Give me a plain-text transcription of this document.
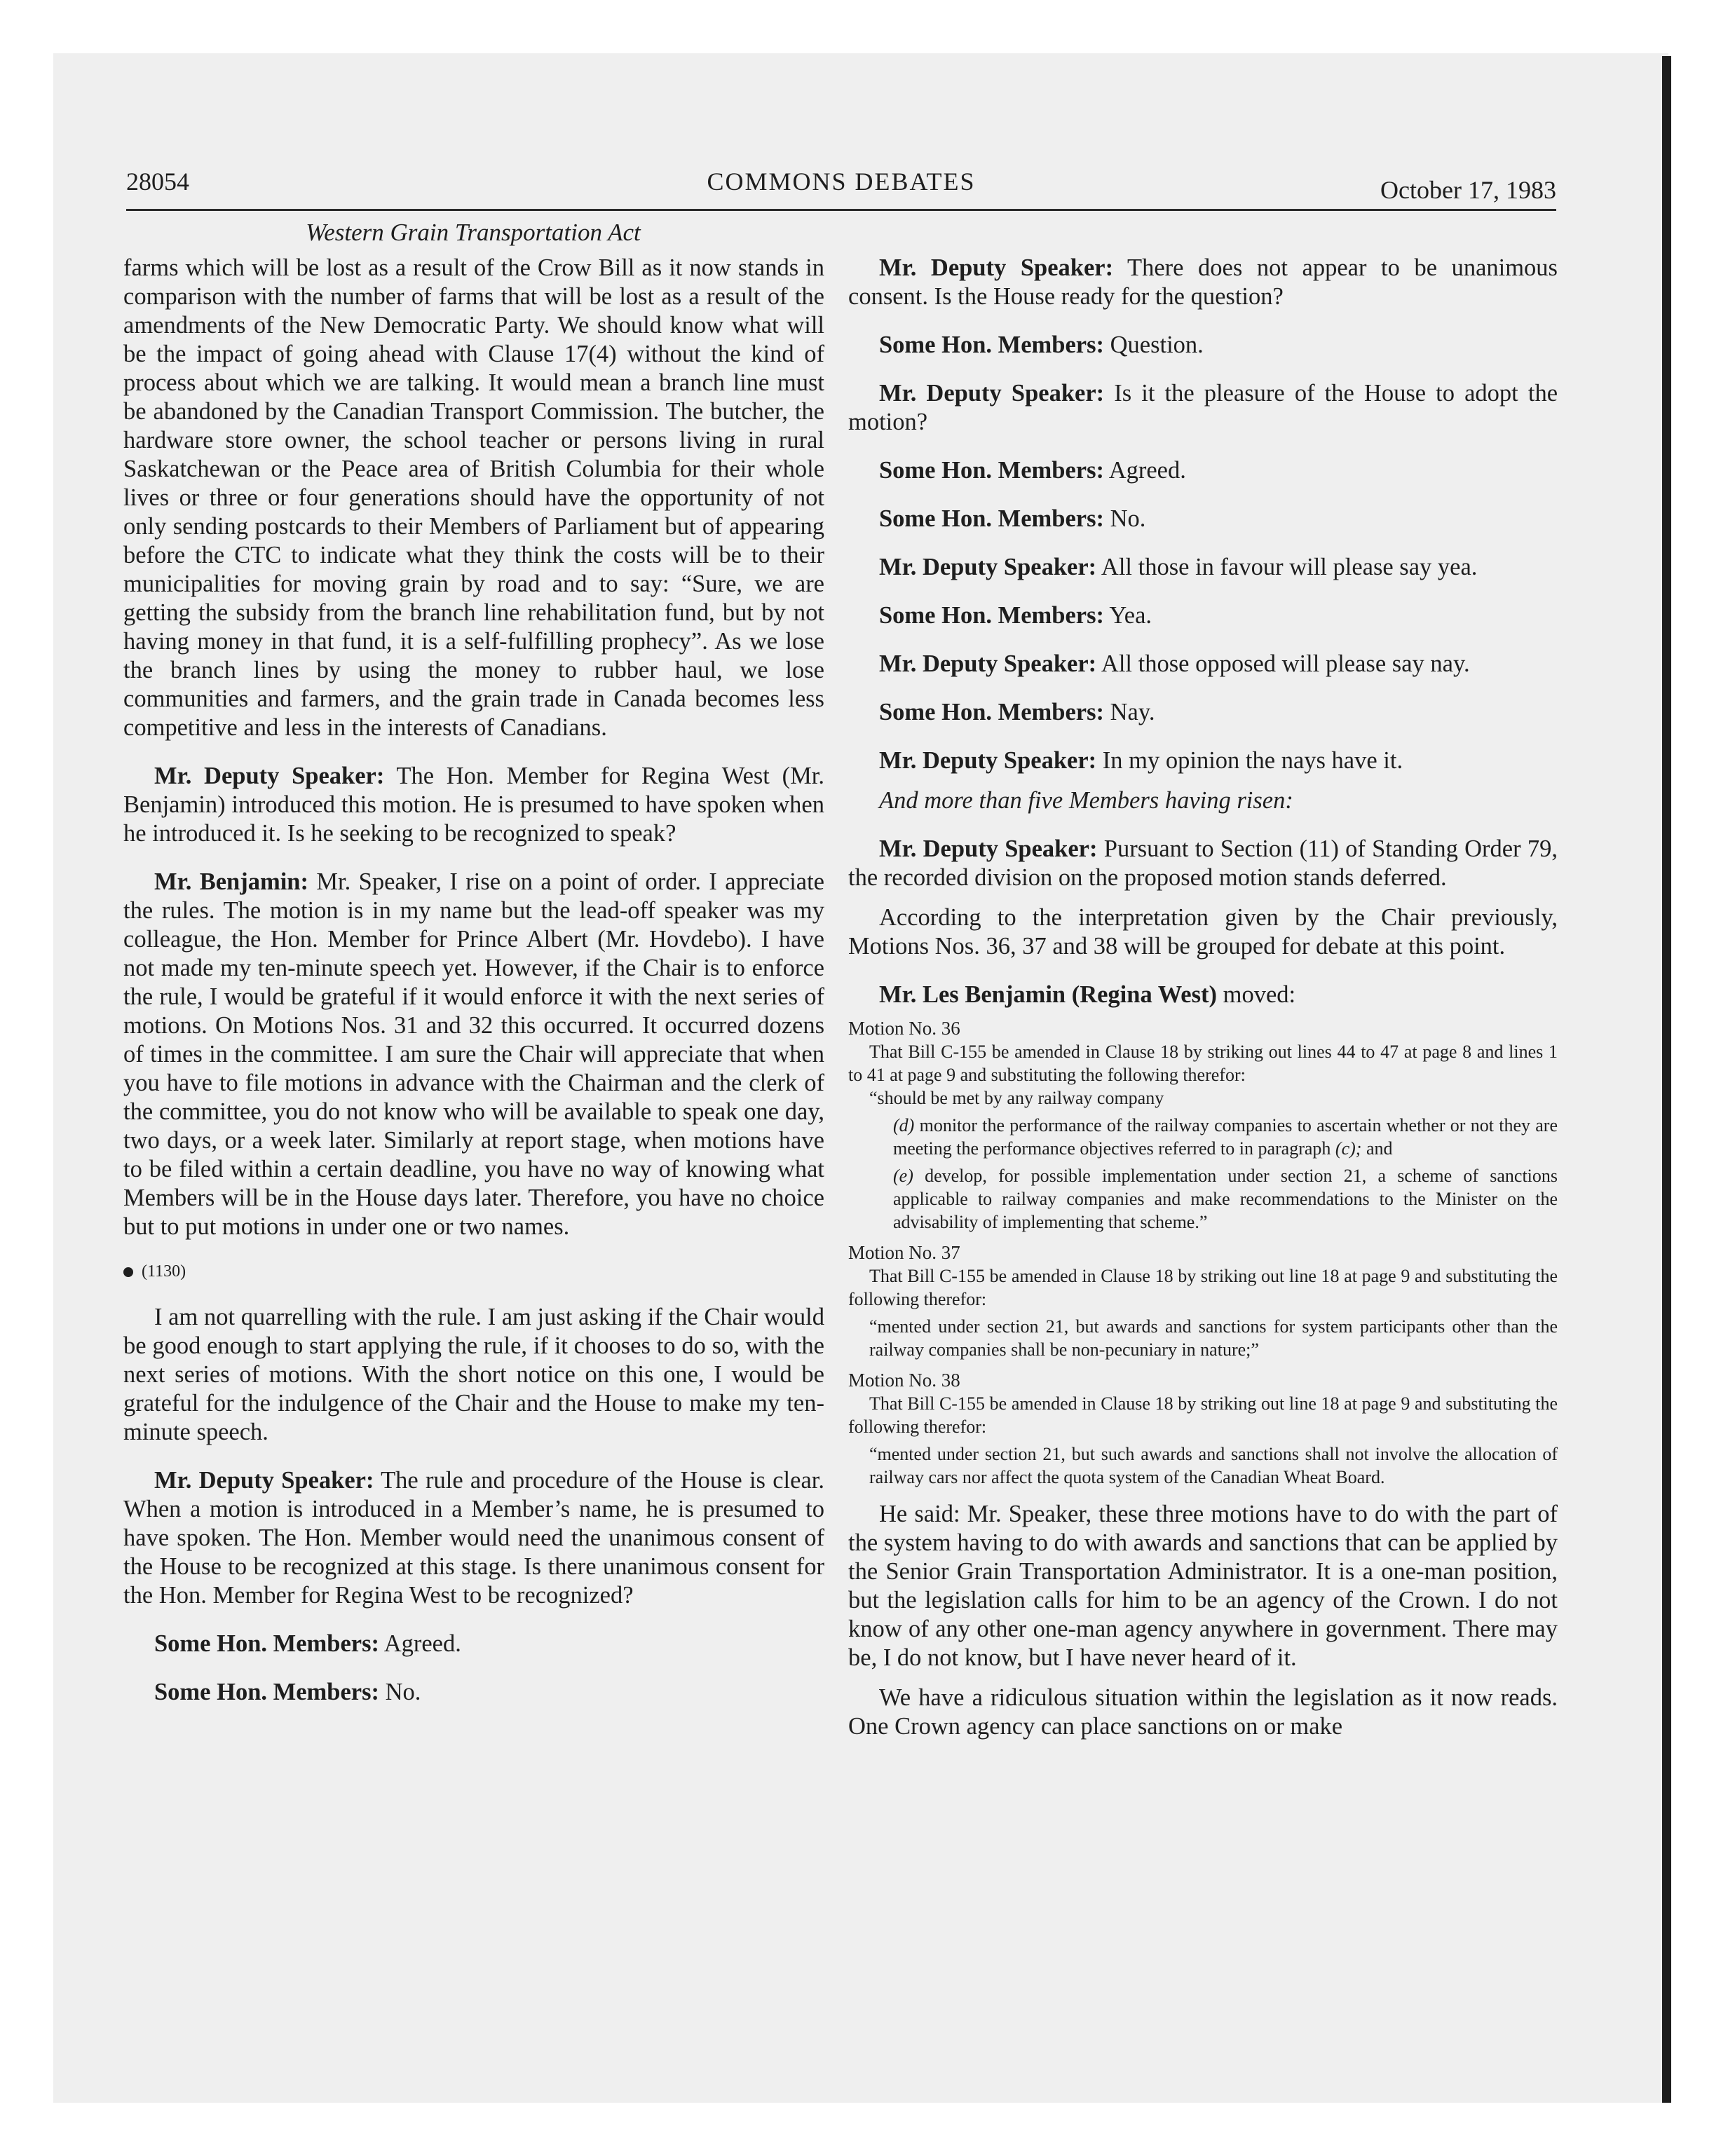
28054	COMMONS DEBATES	October 17, 1983
Western Grain Transportation Act

farms which will be lost as a result of the Crow Bill as it now stands in comparison with the number of farms that will be lost as a result of the amendments of the New Democratic Party. We should know what will be the impact of going ahead with Clause 17(4) without the kind of process about which we are talking. It would mean a branch line must be abandoned by the Canadian Transport Commission. The butcher, the hardware store owner, the school teacher or persons living in rural Saskatchewan or the Peace area of British Columbia for their whole lives or three or four generations should have the opportunity of not only sending postcards to their Members of Parliament but of appearing before the CTC to indicate what they think the costs will be to their municipalities for moving grain by road and to say: “Sure, we are getting the subsidy from the branch line rehabilitation fund, but by not having money in that fund, it is a self-fulfilling prophecy”. As we lose the branch lines by using the money to rubber haul, we lose communities and farmers, and the grain trade in Canada becomes less competitive and less in the interests of Canadians.

Mr. Deputy Speaker: The Hon. Member for Regina West (Mr. Benjamin) introduced this motion. He is presumed to have spoken when he introduced it. Is he seeking to be recognized to speak?

Mr. Benjamin: Mr. Speaker, I rise on a point of order. I appreciate the rules. The motion is in my name but the lead-off speaker was my colleague, the Hon. Member for Prince Albert (Mr. Hovdebo). I have not made my ten-minute speech yet. However, if the Chair is to enforce the rule, I would be grateful if it would enforce it with the next series of motions. On Motions Nos. 31 and 32 this occurred. It occurred dozens of times in the committee. I am sure the Chair will appreciate that when you have to file motions in advance with the Chairman and the clerk of the committee, you do not know who will be available to speak one day, two days, or a week later. Similarly at report stage, when motions have to be filed within a certain deadline, you have no way of knowing what Members will be in the House days later. Therefore, you have no choice but to put motions in under one or two names.

(1130)

I am not quarrelling with the rule. I am just asking if the Chair would be good enough to start applying the rule, if it chooses to do so, with the next series of motions. With the short notice on this one, I would be grateful for the indulgence of the Chair and the House to make my ten-minute speech.

Mr. Deputy Speaker: The rule and procedure of the House is clear. When a motion is introduced in a Member’s name, he is presumed to have spoken. The Hon. Member would need the unanimous consent of the House to be recognized at this stage. Is there unanimous consent for the Hon. Member for Regina West to be recognized?

Some Hon. Members: Agreed.

Some Hon. Members: No.

Mr. Deputy Speaker: There does not appear to be unanimous consent. Is the House ready for the question?

Some Hon. Members: Question.

Mr. Deputy Speaker: Is it the pleasure of the House to adopt the motion?

Some Hon. Members: Agreed.

Some Hon. Members: No.

Mr. Deputy Speaker: All those in favour will please say yea.

Some Hon. Members: Yea.

Mr. Deputy Speaker: All those opposed will please say nay.

Some Hon. Members: Nay.

Mr. Deputy Speaker: In my opinion the nays have it.

And more than five Members having risen:

Mr. Deputy Speaker: Pursuant to Section (11) of Standing Order 79, the recorded division on the proposed motion stands deferred.

According to the interpretation given by the Chair previously, Motions Nos. 36, 37 and 38 will be grouped for debate at this point.

Mr. Les Benjamin (Regina West) moved:

Motion No. 36
That Bill C-155 be amended in Clause 18 by striking out lines 44 to 47 at page 8 and lines 1 to 41 at page 9 and substituting the following therefor:
“should be met by any railway company
(d) monitor the performance of the railway companies to ascertain whether or not they are meeting the performance objectives referred to in paragraph (c); and
(e) develop, for possible implementation under section 21, a scheme of sanctions applicable to railway companies and make recommendations to the Minister on the advisability of implementing that scheme.”
Motion No. 37
That Bill C-155 be amended in Clause 18 by striking out line 18 at page 9 and substituting the following therefor:
“mented under section 21, but awards and sanctions for system participants other than the railway companies shall be non-pecuniary in nature;”
Motion No. 38
That Bill C-155 be amended in Clause 18 by striking out line 18 at page 9 and substituting the following therefor:
“mented under section 21, but such awards and sanctions shall not involve the allocation of railway cars nor affect the quota system of the Canadian Wheat Board.

He said: Mr. Speaker, these three motions have to do with the part of the system having to do with awards and sanctions that can be applied by the Senior Grain Transportation Administrator. It is a one-man position, but the legislation calls for him to be an agency of the Crown. I do not know of any other one-man agency anywhere in government. There may be, I do not know, but I have never heard of it.

We have a ridiculous situation within the legislation as it now reads. One Crown agency can place sanctions on or make
